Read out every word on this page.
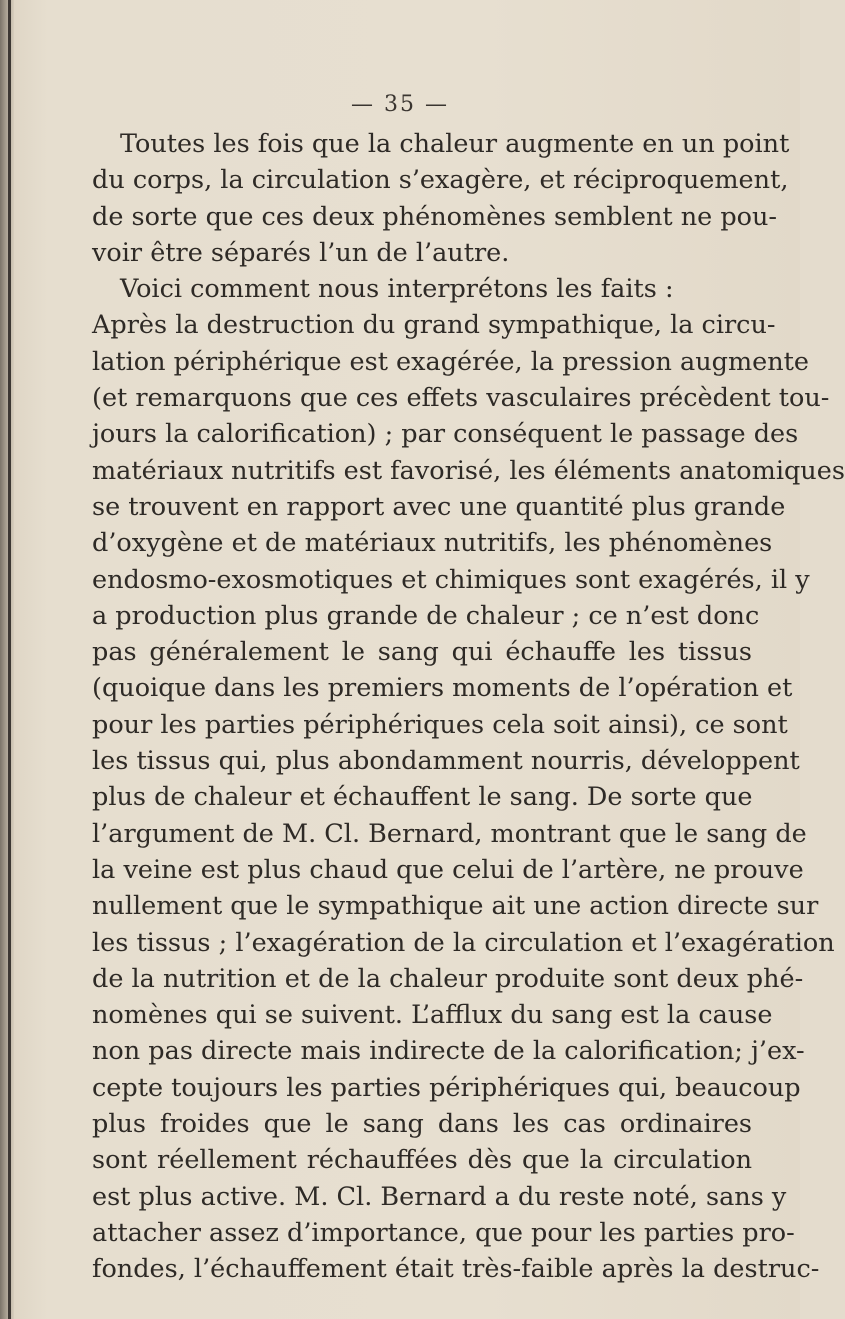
— 35 —
Toutes les fois que la chaleur augmente en un point
du corps, la circulation s’exagère, et réciproquement,
de sorte que ces deux phénomènes semblent ne pou-
voir être séparés l’un de l’autre.
Voici comment nous interprétons les faits :
Après la destruction du grand sympathique, la circu-
lation périphérique est exagérée, la pression augmente
(et remarquons que ces effets vasculaires précèdent tou-
jours la calorification) ; par conséquent le passage des
matériaux nutritifs est favorisé, les éléments anatomiques
se trouvent en rapport avec une quantité plus grande
d’oxygène et de matériaux nutritifs, les phénomènes
endosmo-exosmotiques et chimiques sont exagérés, il y
a production plus grande de chaleur ; ce n’est donc
pas généralement le sang qui échauffe les tissus
(quoique dans les premiers moments de l’opération et
pour les parties périphériques cela soit ainsi), ce sont
les tissus qui, plus abondamment nourris, développent
plus de chaleur et échauffent le sang. De sorte que
l’argument de M. Cl. Bernard, montrant que le sang de
la veine est plus chaud que celui de l’artère, ne prouve
nullement que le sympathique ait une action directe sur
les tissus ; l’exagération de la circulation et l’exagération
de la nutrition et de la chaleur produite sont deux phé-
nomènes qui se suivent. L’afflux du sang est la cause
non pas directe mais indirecte de la calorification; j’ex-
cepte toujours les parties périphériques qui, beaucoup
plus froides que le sang dans les cas ordinaires
sont réellement réchauffées dès que la circulation
est plus active. M. Cl. Bernard a du reste noté, sans y
attacher assez d’importance, que pour les parties pro-
fondes, l’échauffement était très-faible après la destruc-
